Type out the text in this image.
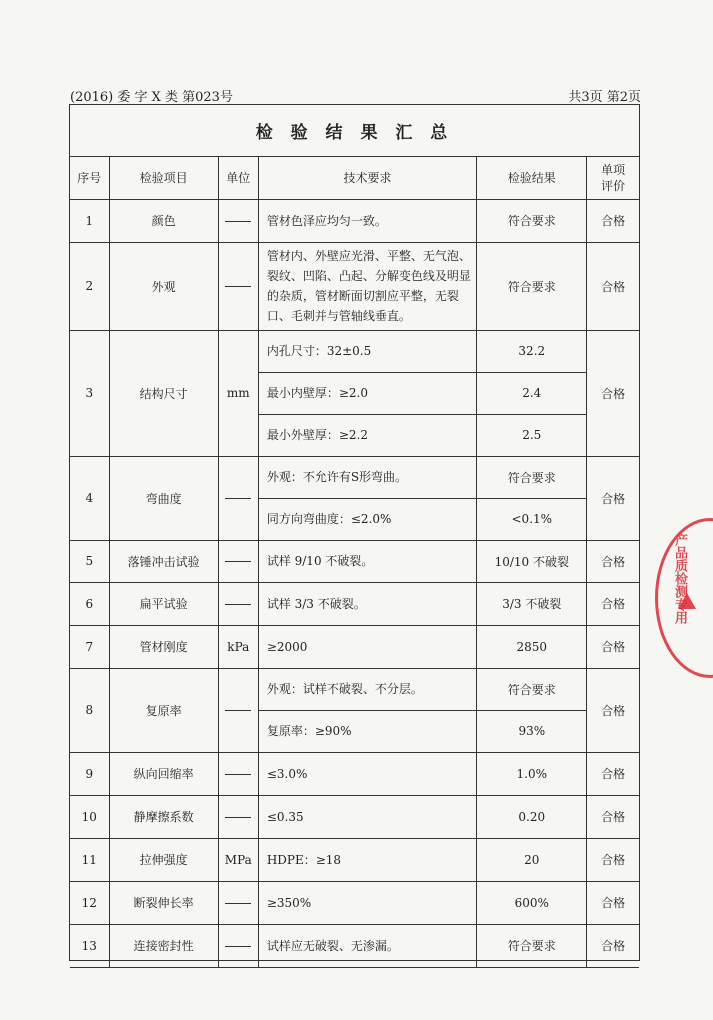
(2016) 委 字 X 类 第023号	共3页 第2页
检 验 结 果 汇 总
序号	检验项目	单位	技术要求	检验结果	单项评价
1	颜色		管材色泽应均匀一致。	符合要求	合格
2	外观		管材内、外壁应光滑、平整、无气泡、裂纹、凹陷、凸起、分解变色线及明显的杂质，管材断面切割应平整，无裂口、毛刺并与管轴线垂直。	符合要求	合格
3	结构尺寸	mm	内孔尺寸：32±0.5	32.2	合格
			最小内壁厚：≥2.0	2.4	
			最小外壁厚：≥2.2	2.5	
4	弯曲度		外观：不允许有S形弯曲。	符合要求	合格
			同方向弯曲度：≤2.0%	<0.1%	
5	落锤冲击试验		试样 9/10 不破裂。	10/10 不破裂	合格
6	扁平试验		试样 3/3 不破裂。	3/3 不破裂	合格
7	管材刚度	kPa	≥2000	2850	合格
8	复原率		外观：试样不破裂、不分层。	符合要求	合格
			复原率：≥90%	93%	
9	纵向回缩率		≤3.0%	1.0%	合格
10	静摩擦系数		≤0.35	0.20	合格
11	拉伸强度	MPa	HDPE：≥18	20	合格
12	断裂伸长率		≥350%	600%	合格
13	连接密封性		试样应无破裂、无渗漏。	符合要求	合格
产品质检测专用
